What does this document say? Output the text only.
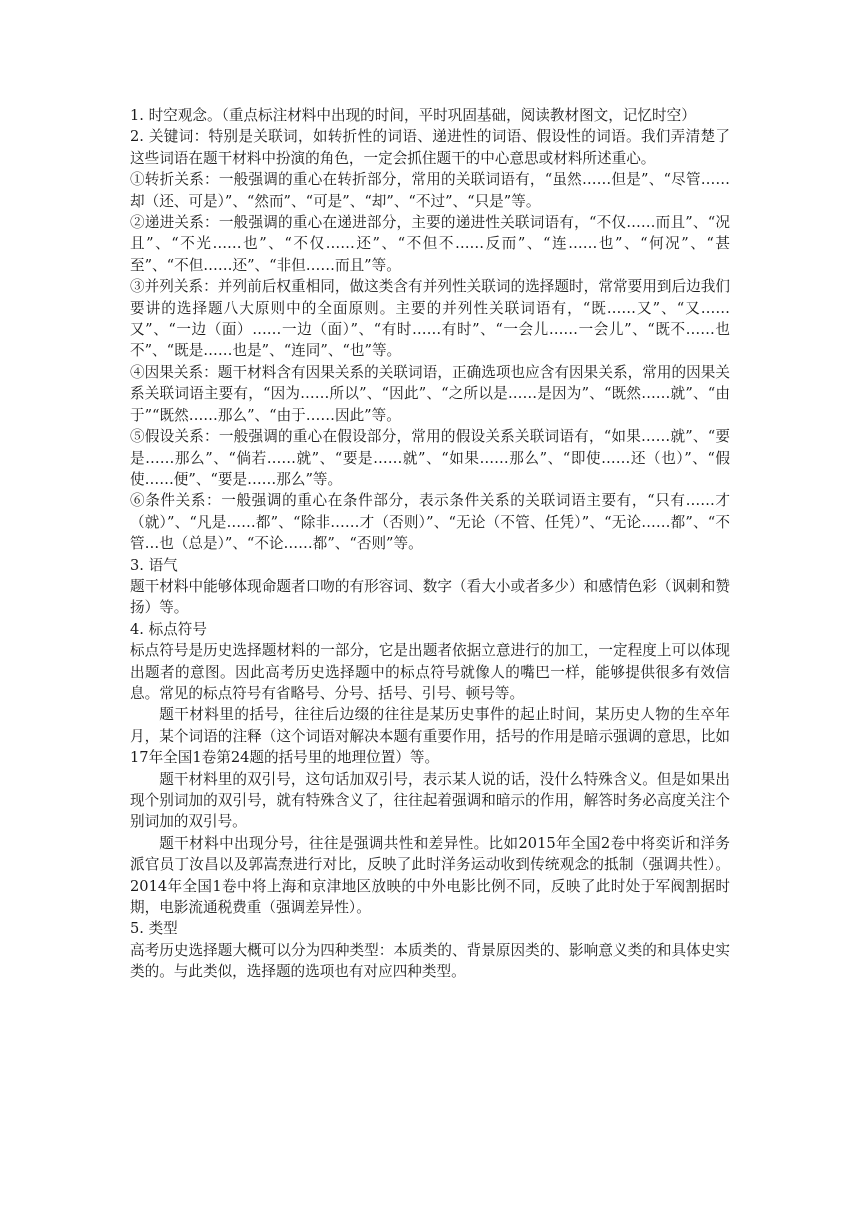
1. 时空观念。（重点标注材料中出现的时间，平时巩固基础，阅读教材图文，记忆时空）

2. 关键词：特别是关联词，如转折性的词语、递进性的词语、假设性的词语。我们弄清楚了这些词语在题干材料中扮演的角色，一定会抓住题干的中心意思或材料所述重心。

①转折关系：一般强调的重心在转折部分，常用的关联词语有，“虽然……但是”、“尽管……却（还、可是）”、“然而”、“可是”、“却”、“不过”、“只是”等。

②递进关系：一般强调的重心在递进部分，主要的递进性关联词语有，“不仅……而且”、“况且”、“不光……也”、“不仅……还”、“不但不……反而”、“连……也”、“何况”、“甚至”、“不但……还”、“非但……而且”等。

③并列关系：并列前后权重相同，做这类含有并列性关联词的选择题时，常常要用到后边我们要讲的选择题八大原则中的全面原则。主要的并列性关联词语有，“既……又”、“又……又”、“一边（面）……一边（面）”、“有时……有时”、“一会儿……一会儿”、“既不……也不”、“既是……也是”、“连同”、“也”等。

④因果关系：题干材料含有因果关系的关联词语，正确选项也应含有因果关系，常用的因果关系关联词语主要有，“因为……所以”、“因此”、“之所以是……是因为”、“既然……就”、“由于”“既然……那么”、“由于……因此”等。

⑤假设关系：一般强调的重心在假设部分，常用的假设关系关联词语有，“如果……就”、“要是……那么”、“倘若……就”、“要是……就”、“如果……那么”、“即使……还（也）”、“假使……便”、“要是……那么”等。

⑥条件关系：一般强调的重心在条件部分，表示条件关系的关联词语主要有，“只有……才（就）”、“凡是……都”、“除非……才（否则）”、“无论（不管、任凭）”、“无论……都”、“不管…也（总是）”、“不论……都”、“否则”等。

3. 语气

题干材料中能够体现命题者口吻的有形容词、数字（看大小或者多少）和感情色彩（讽刺和赞扬）等。

4. 标点符号

标点符号是历史选择题材料的一部分，它是出题者依据立意进行的加工，一定程度上可以体现出题者的意图。因此高考历史选择题中的标点符号就像人的嘴巴一样，能够提供很多有效信息。常见的标点符号有省略号、分号、括号、引号、顿号等。

题干材料里的括号，往往后边缀的往往是某历史事件的起止时间，某历史人物的生卒年月，某个词语的注释（这个词语对解决本题有重要作用，括号的作用是暗示强调的意思，比如17年全国1卷第24题的括号里的地理位置）等。

题干材料里的双引号，这句话加双引号，表示某人说的话，没什么特殊含义。但是如果出现个别词加的双引号，就有特殊含义了，往往起着强调和暗示的作用，解答时务必高度关注个别词加的双引号。

题干材料中出现分号，往往是强调共性和差异性。比如2015年全国2卷中将奕䜣和洋务派官员丁汝昌以及郭嵩焘进行对比，反映了此时洋务运动收到传统观念的抵制（强调共性）。2014年全国1卷中将上海和京津地区放映的中外电影比例不同，反映了此时处于军阀割据时期，电影流通税费重（强调差异性）。

5. 类型

高考历史选择题大概可以分为四种类型：本质类的、背景原因类的、影响意义类的和具体史实类的。与此类似，选择题的选项也有对应四种类型。
